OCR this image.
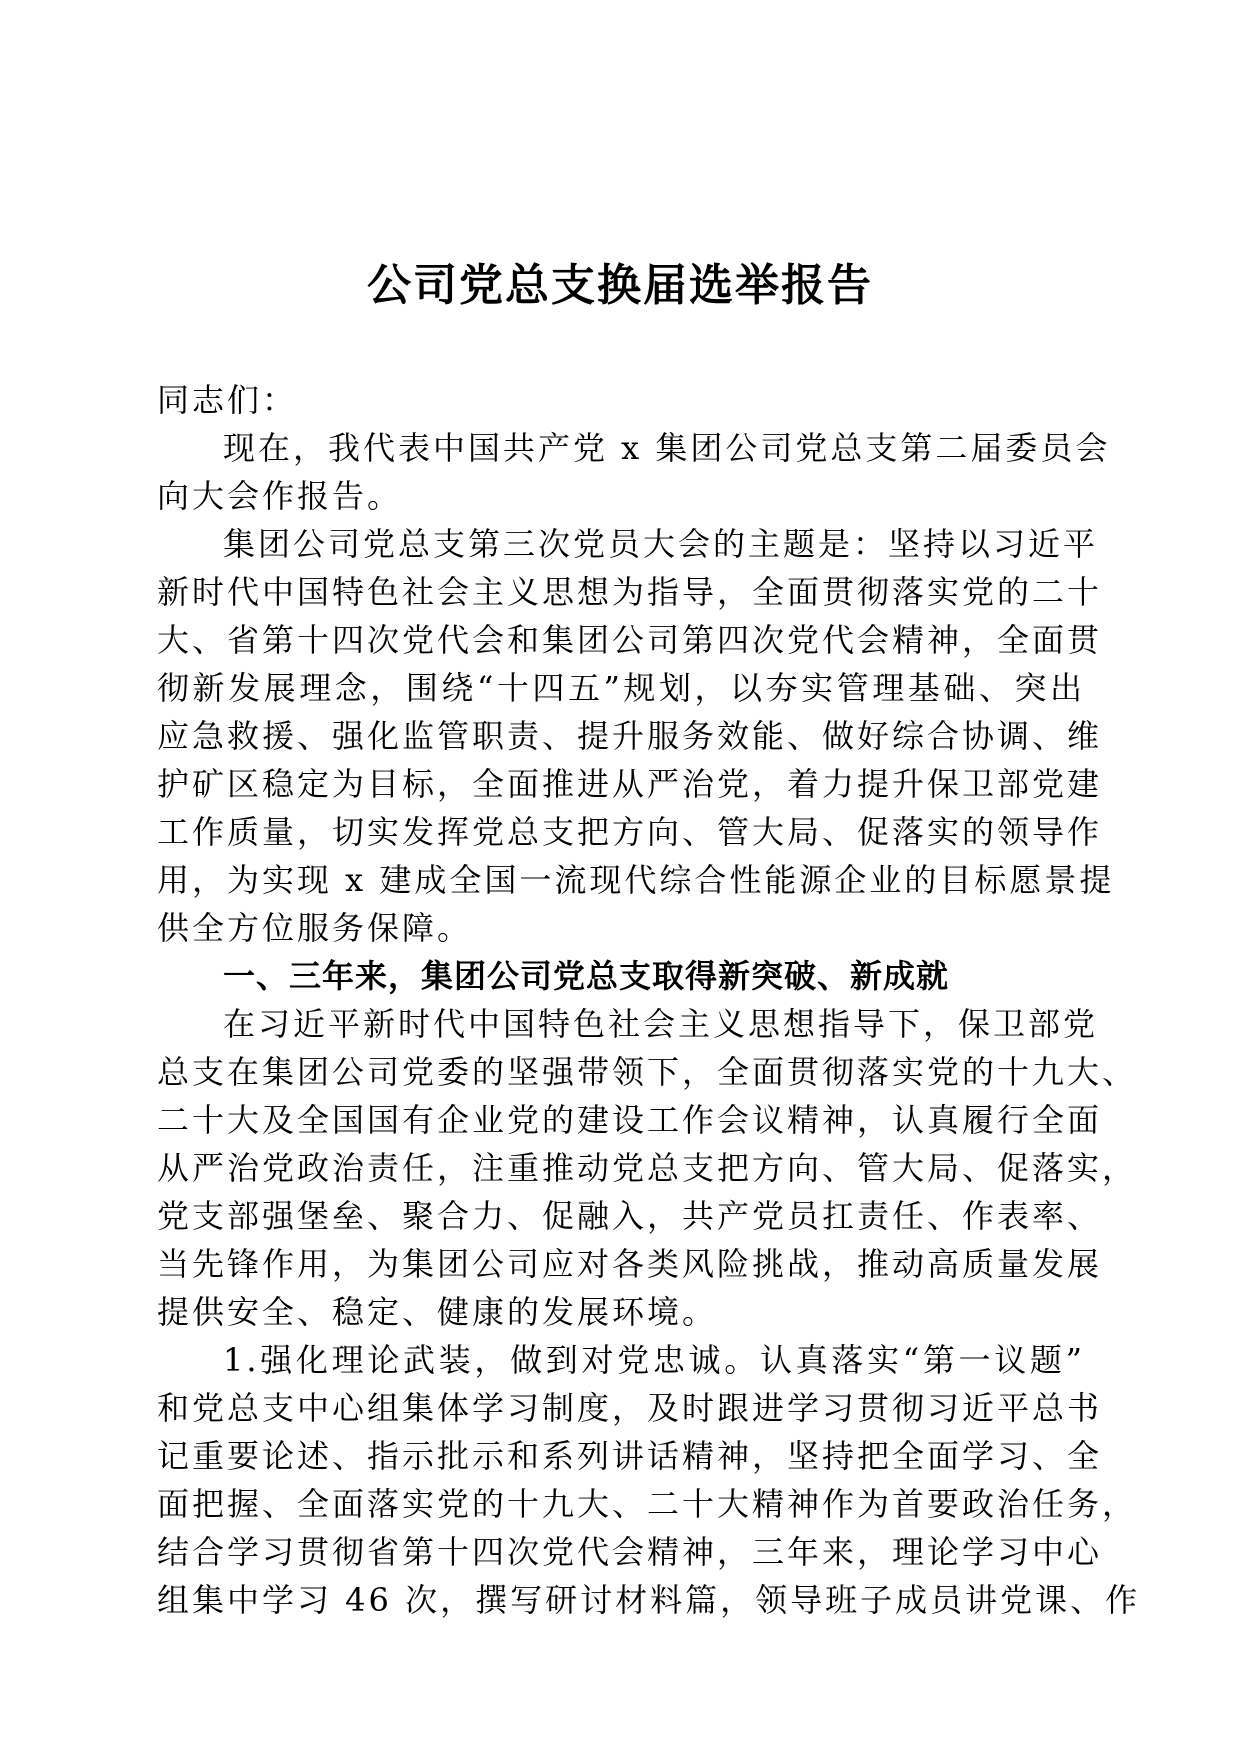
公司党总支换届选举报告
同志们：
现在，我代表中国共产党 x 集团公司党总支第二届委员会
向大会作报告。
集团公司党总支第三次党员大会的主题是：坚持以习近平
新时代中国特色社会主义思想为指导，全面贯彻落实党的二十
大、省第十四次党代会和集团公司第四次党代会精神，全面贯
彻新发展理念，围绕“十四五”规划，以夯实管理基础、突出
应急救援、强化监管职责、提升服务效能、做好综合协调、维
护矿区稳定为目标，全面推进从严治党，着力提升保卫部党建
工作质量，切实发挥党总支把方向、管大局、促落实的领导作
用，为实现 x 建成全国一流现代综合性能源企业的目标愿景提
供全方位服务保障。
一、三年来，集团公司党总支取得新突破、新成就
在习近平新时代中国特色社会主义思想指导下，保卫部党
总支在集团公司党委的坚强带领下，全面贯彻落实党的十九大、
二十大及全国国有企业党的建设工作会议精神，认真履行全面
从严治党政治责任，注重推动党总支把方向、管大局、促落实，
党支部强堡垒、聚合力、促融入，共产党员扛责任、作表率、
当先锋作用，为集团公司应对各类风险挑战，推动高质量发展
提供安全、稳定、健康的发展环境。
1.强化理论武装，做到对党忠诚。认真落实“第一议题”
和党总支中心组集体学习制度，及时跟进学习贯彻习近平总书
记重要论述、指示批示和系列讲话精神，坚持把全面学习、全
面把握、全面落实党的十九大、二十大精神作为首要政治任务，
结合学习贯彻省第十四次党代会精神，三年来，理论学习中心
组集中学习 46 次，撰写研讨材料篇，领导班子成员讲党课、作
